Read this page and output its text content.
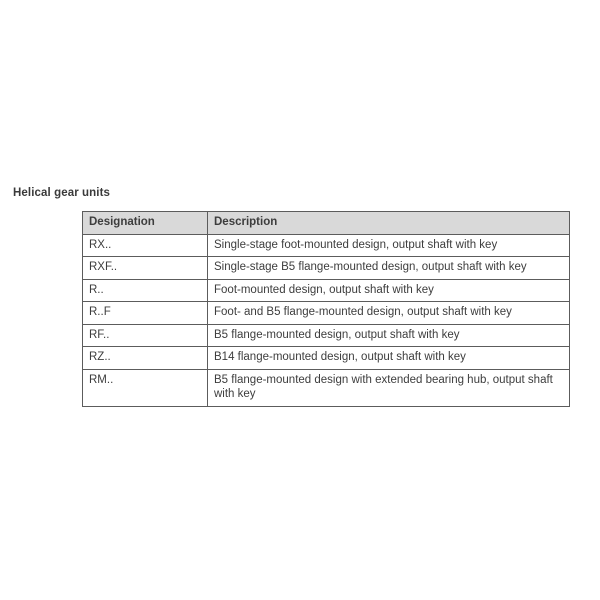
Helical gear units
Designation	Description
RX..	Single-stage foot-mounted design, output shaft with key
RXF..	Single-stage B5 flange-mounted design, output shaft with key
R..	Foot-mounted design, output shaft with key
R..F	Foot- and B5 flange-mounted design, output shaft with key
RF..	B5 flange-mounted design, output shaft with key
RZ..	B14 flange-mounted design, output shaft with key
RM..	B5 flange-mounted design with extended bearing hub, output shaft with key
